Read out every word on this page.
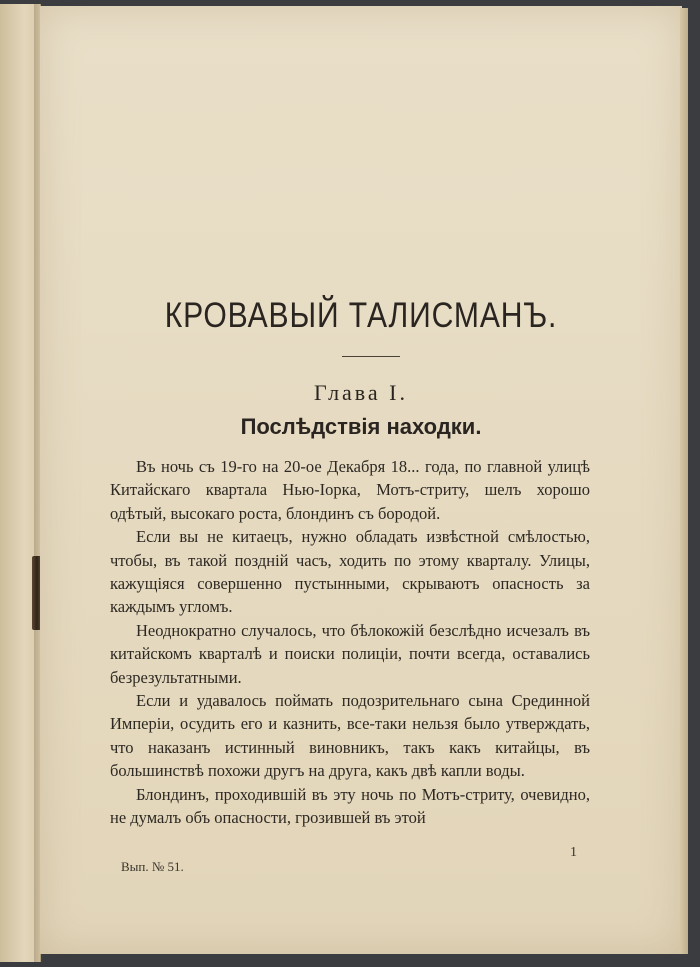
КРОВАВЫЙ ТАЛИСМАНЪ.
Глава I.
Послѣдствія находки.

Въ ночь съ 19-го на 20-ое Декабря 18... года, по главной улицѣ Китайскаго квартала Нью-Іорка, Мотъ-стриту, шелъ хорошо одѣтый, высокаго роста, блондинъ съ бородой.

Если вы не китаецъ, нужно обладать извѣстной смѣлостью, чтобы, въ такой поздній часъ, ходить по этому кварталу. Улицы, кажущіяся совершенно пустынными, скрываютъ опасность за каждымъ угломъ.

Неоднократно случалось, что бѣлокожій безслѣдно исчезалъ въ китайскомъ кварталѣ и поиски полиціи, почти всегда, оставались безрезультатными.

Если и удавалось поймать подозрительнаго сына Срединной Имперіи, осудить его и казнить, все-таки нельзя было утверждать, что наказанъ истинный виновникъ, такъ какъ китайцы, въ большинствѣ похожи другъ на друга, какъ двѣ капли воды.

Блондинъ, проходившій въ эту ночь по Мотъ-стриту, очевидно, не думалъ объ опасности, грозившей въ этой

Вып. № 51.
1
